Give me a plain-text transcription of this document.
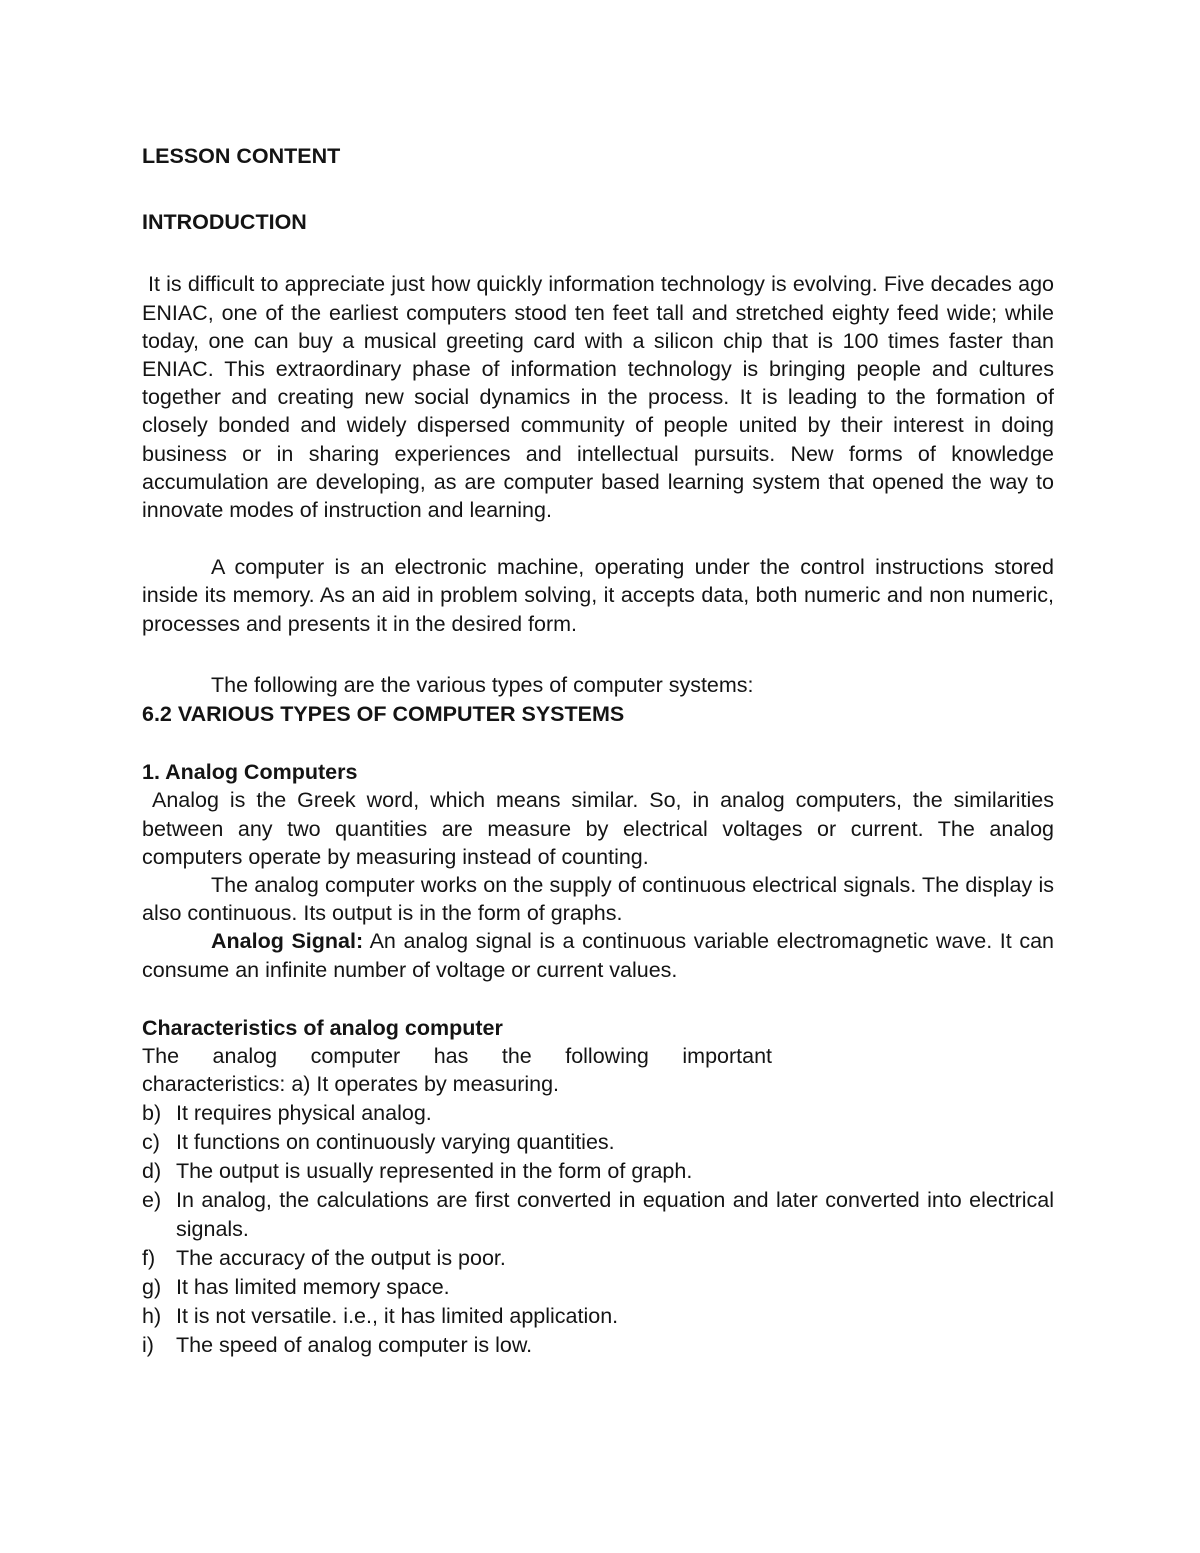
LESSON CONTENT
INTRODUCTION

It is difficult to appreciate just how quickly information technology is evolving. Five decades ago ENIAC, one of the earliest computers stood ten feet tall and stretched eighty feed wide; while today, one can buy a musical greeting card with a silicon chip that is 100 times faster than ENIAC. This extraordinary phase of information technology is bringing people and cultures together and creating new social dynamics in the process. It is leading to the formation of closely bonded and widely dispersed community of people united by their interest in doing business or in sharing experiences and intellectual pursuits. New forms of knowledge accumulation are developing, as are computer based learning system that opened the way to innovate modes of instruction and learning.

A computer is an electronic machine, operating under the control instructions stored inside its memory. As an aid in problem solving, it accepts data, both numeric and non numeric, processes and presents it in the desired form.

The following are the various types of computer systems:

6.2 VARIOUS TYPES OF COMPUTER SYSTEMS
1. Analog Computers

Analog is the Greek word, which means similar. So, in analog computers, the similarities between any two quantities are measure by electrical voltages or current. The analog computers operate by measuring instead of counting.

The analog computer works on the supply of continuous electrical signals. The display is also continuous. Its output is in the form of graphs.

Analog Signal: An analog signal is a continuous variable electromagnetic wave. It can consume an infinite number of voltage or current values.

Characteristics of analog computer
The analog computer has the following important
characteristics: a) It operates by measuring.
b) It requires physical analog.
c) It functions on continuously varying quantities.
d) The output is usually represented in the form of graph.
e) In analog, the calculations are first converted in equation and later converted into electrical signals.
f) The accuracy of the output is poor.
g) It has limited memory space.
h) It is not versatile. i.e., it has limited application.
i) The speed of analog computer is low.
